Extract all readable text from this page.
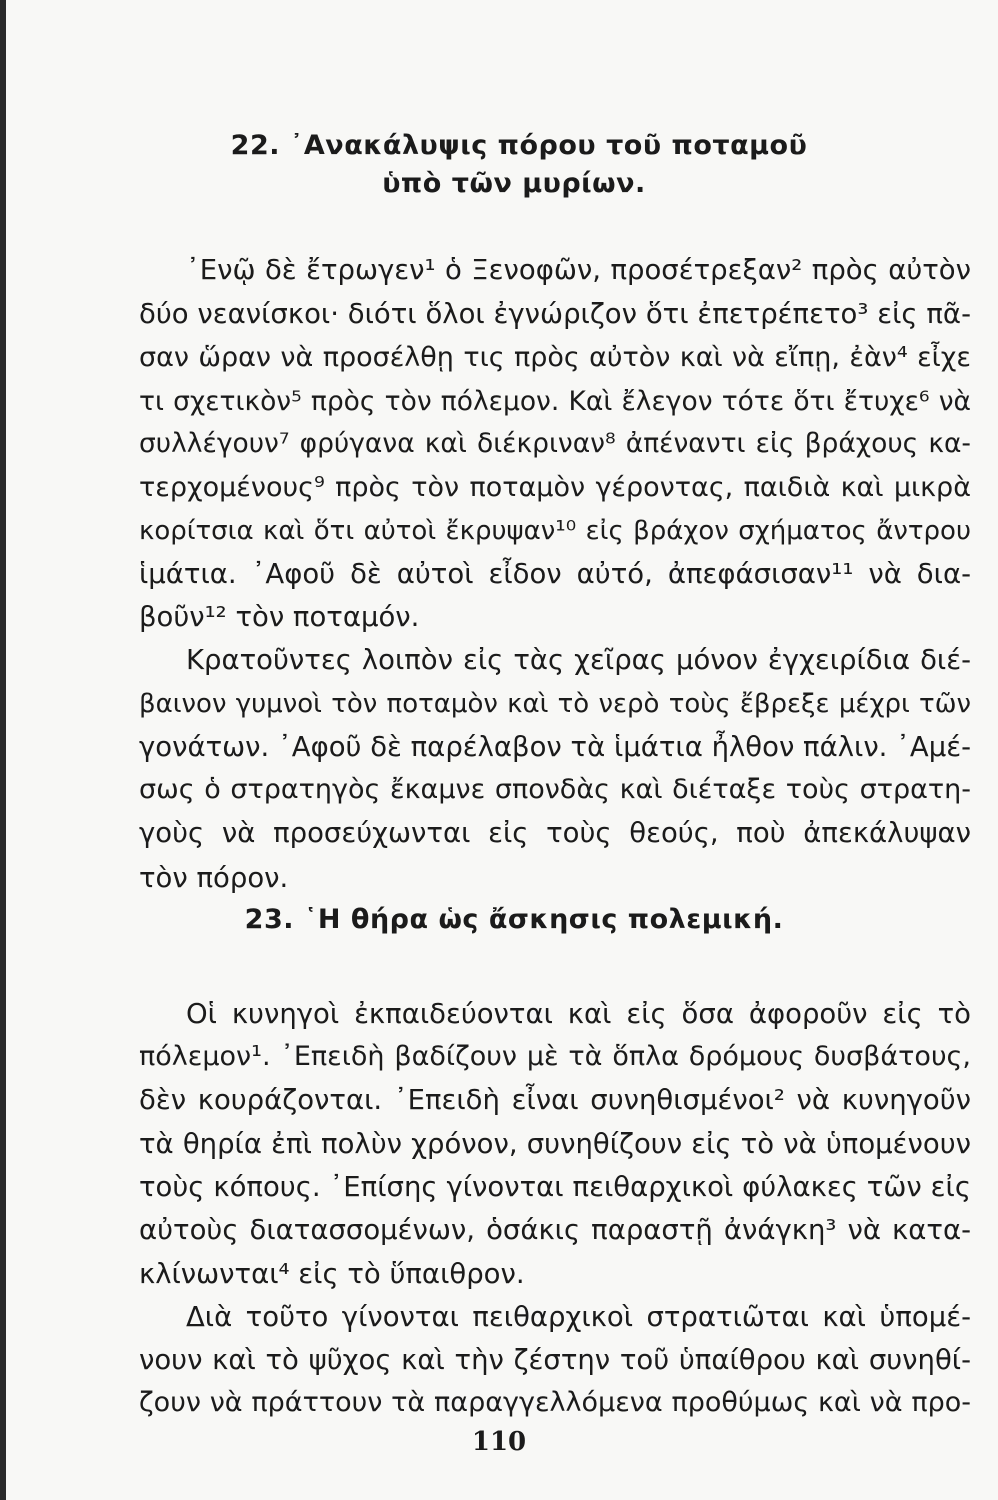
22. ᾿Ανακάλυψις πόρου τοῦ ποταμοῦ
ὑπὸ τῶν μυρίων.
᾿Ενῷ δὲ ἔτρωγεν¹ ὁ Ξενοφῶν, προσέτρεξαν² πρὸς αὐτὸν
δύο νεανίσκοι· διότι ὅλοι ἐγνώριζον ὅτι ἐπετρέπετο³ εἰς πᾶ-
σαν ὥραν νὰ προσέλθῃ τις πρὸς αὐτὸν καὶ νὰ εἴπῃ, ἐὰν⁴ εἶχε
τι σχετικὸν⁵ πρὸς τὸν πόλεμον. Καὶ ἔλεγον τότε ὅτι ἔτυχε⁶ νὰ
συλλέγουν⁷ φρύγανα καὶ διέκριναν⁸ ἀπέναντι εἰς βράχους κα-
τερχομένους⁹ πρὸς τὸν ποταμὸν γέροντας, παιδιὰ καὶ μικρὰ
κορίτσια καὶ ὅτι αὐτοὶ ἔκρυψαν¹⁰ εἰς βράχον σχήματος ἄντρου
ἱμάτια. ᾿Αφοῦ δὲ αὐτοὶ εἶδον αὐτό, ἀπεφάσισαν¹¹ νὰ δια-
βοῦν¹² τὸν ποταμόν.
Κρατοῦντες λοιπὸν εἰς τὰς χεῖρας μόνον ἐγχειρίδια διέ-
βαινον γυμνοὶ τὸν ποταμὸν καὶ τὸ νερὸ τοὺς ἔβρεξε μέχρι τῶν
γονάτων. ᾿Αφοῦ δὲ παρέλαβον τὰ ἱμάτια ἦλθον πάλιν. ᾿Αμέ-
σως ὁ στρατηγὸς ἔκαμνε σπονδὰς καὶ διέταξε τοὺς στρατη-
γοὺς νὰ προσεύχωνται εἰς τοὺς θεούς, ποὺ ἀπεκάλυψαν
τὸν πόρον.
23. ῾Η θήρα ὡς ἄσκησις πολεμική.
Οἱ κυνηγοὶ ἐκπαιδεύονται καὶ εἰς ὅσα ἀφοροῦν εἰς τὸ
πόλεμον¹. ᾿Επειδὴ βαδίζουν μὲ τὰ ὅπλα δρόμους δυσβάτους,
δὲν κουράζονται. ᾿Επειδὴ εἶναι συνηθισμένοι² νὰ κυνηγοῦν
τὰ θηρία ἐπὶ πολὺν χρόνον, συνηθίζουν εἰς τὸ νὰ ὑπομένουν
τοὺς κόπους. ᾿Επίσης γίνονται πειθαρχικοὶ φύλακες τῶν εἰς
αὐτοὺς διατασσομένων, ὁσάκις παραστῇ ἀνάγκη³ νὰ κατα-
κλίνωνται⁴ εἰς τὸ ὕπαιθρον.
Διὰ τοῦτο γίνονται πειθαρχικοὶ στρατιῶται καὶ ὑπομέ-
νουν καὶ τὸ ψῦχος καὶ τὴν ζέστην τοῦ ὑπαίθρου καὶ συνηθί-
ζουν νὰ πράττουν τὰ παραγγελλόμενα προθύμως καὶ νὰ προ-
110
